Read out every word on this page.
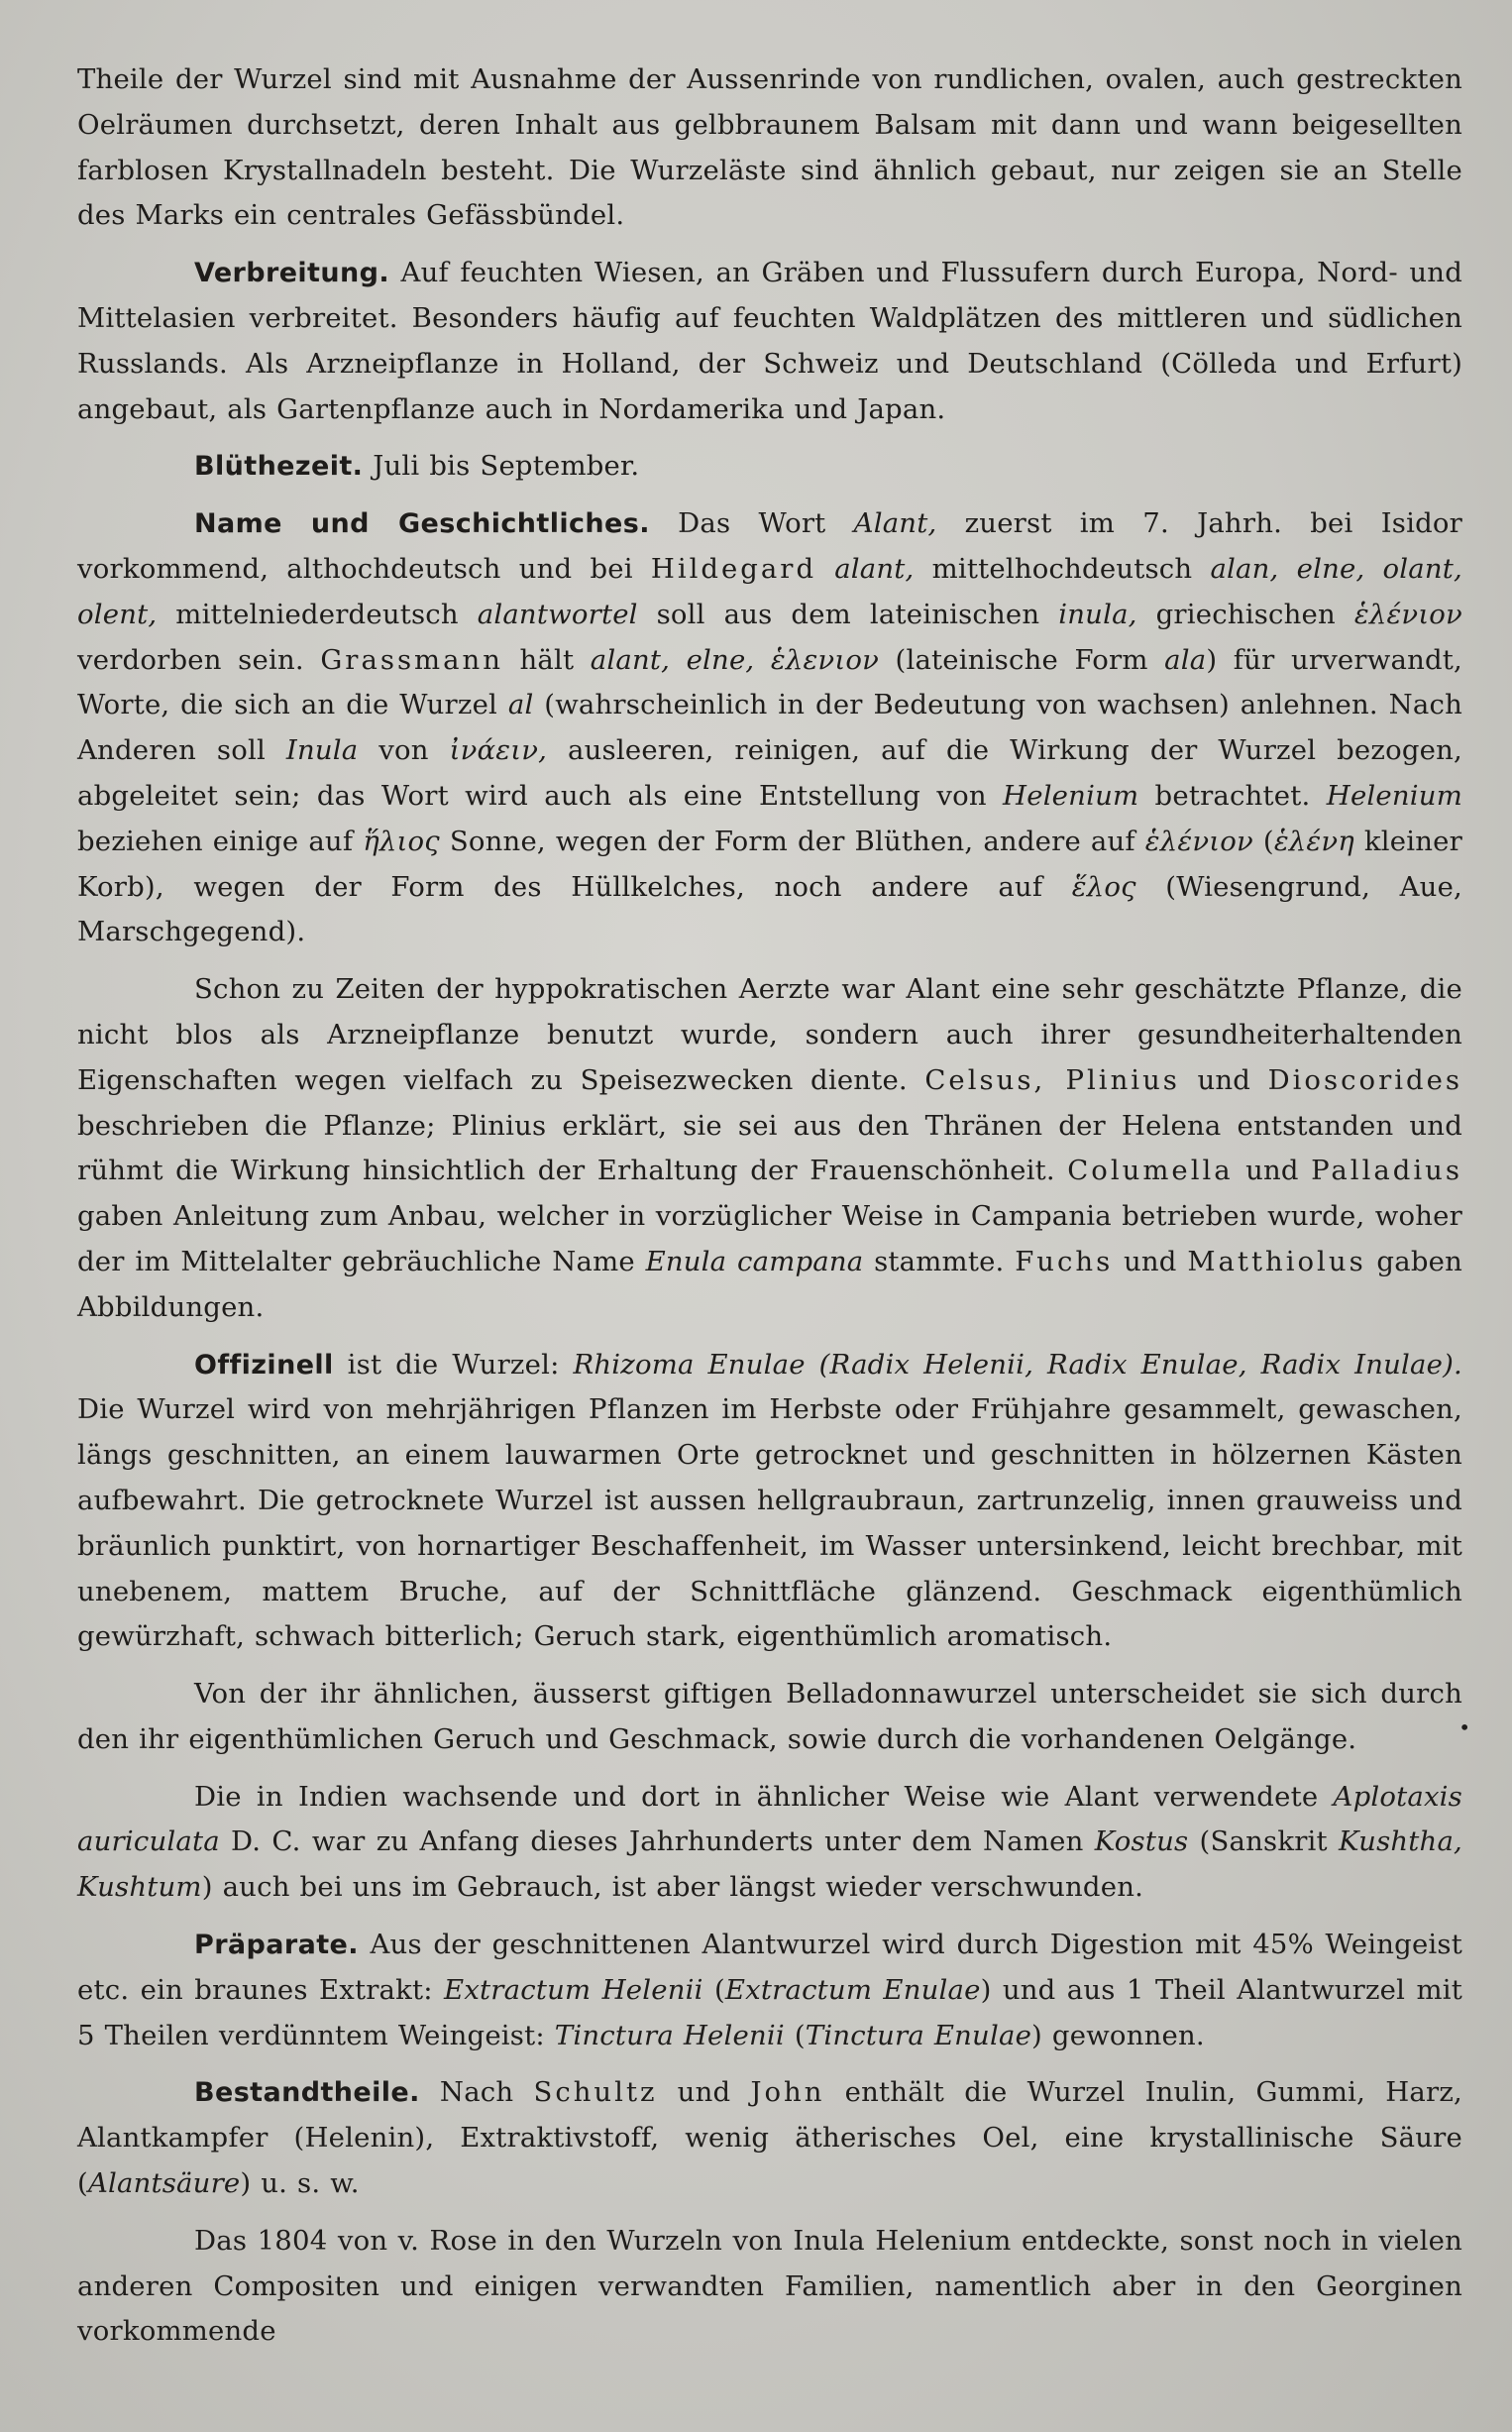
Theile der Wurzel sind mit Ausnahme der Aussenrinde von rundlichen, ovalen, auch gestreckten Oelräumen durchsetzt, deren Inhalt aus gelbbraunem Balsam mit dann und wann beigesellten farblosen Krystallnadeln besteht. Die Wurzeläste sind ähnlich gebaut, nur zeigen sie an Stelle des Marks ein centrales Gefässbündel.

Verbreitung. Auf feuchten Wiesen, an Gräben und Flussufern durch Europa, Nord- und Mittelasien verbreitet. Besonders häufig auf feuchten Waldplätzen des mittleren und südlichen Russlands. Als Arzneipflanze in Holland, der Schweiz und Deutschland (Cölleda und Erfurt) angebaut, als Gartenpflanze auch in Nordamerika und Japan.

Blüthezeit. Juli bis September.

Name und Geschichtliches. Das Wort Alant, zuerst im 7. Jahrh. bei Isidor vorkommend, althochdeutsch und bei Hildegard alant, mittelhochdeutsch alan, elne, olant, olent, mittelniederdeutsch alantwortel soll aus dem lateinischen inula, griechischen ἑλένιον verdorben sein. Grassmann hält alant, elne, ἑλενιον (lateinische Form ala) für urverwandt, Worte, die sich an die Wurzel al (wahrscheinlich in der Bedeutung von wachsen) anlehnen. Nach Anderen soll Inula von ἰνάειν, ausleeren, reinigen, auf die Wirkung der Wurzel bezogen, abgeleitet sein; das Wort wird auch als eine Entstellung von Helenium betrachtet. Helenium beziehen einige auf ἥλιος Sonne, wegen der Form der Blüthen, andere auf ἑλένιον (ἑλένη kleiner Korb), wegen der Form des Hüllkelches, noch andere auf ἕλος (Wiesengrund, Aue, Marschgegend).

Schon zu Zeiten der hyppokratischen Aerzte war Alant eine sehr geschätzte Pflanze, die nicht blos als Arzneipflanze benutzt wurde, sondern auch ihrer gesundheiterhaltenden Eigenschaften wegen vielfach zu Speisezwecken diente. Celsus, Plinius und Dioscorides beschrieben die Pflanze; Plinius erklärt, sie sei aus den Thränen der Helena entstanden und rühmt die Wirkung hinsichtlich der Erhaltung der Frauenschönheit. Columella und Palladius gaben Anleitung zum Anbau, welcher in vorzüglicher Weise in Campania betrieben wurde, woher der im Mittelalter gebräuchliche Name Enula campana stammte. Fuchs und Matthiolus gaben Abbildungen.

Offizinell ist die Wurzel: Rhizoma Enulae (Radix Helenii, Radix Enulae, Radix Inulae). Die Wurzel wird von mehrjährigen Pflanzen im Herbste oder Frühjahre gesammelt, gewaschen, längs geschnitten, an einem lauwarmen Orte getrocknet und geschnitten in hölzernen Kästen aufbewahrt. Die getrocknete Wurzel ist aussen hellgraubraun, zartrunzelig, innen grauweiss und bräunlich punktirt, von hornartiger Beschaffenheit, im Wasser untersinkend, leicht brechbar, mit unebenem, mattem Bruche, auf der Schnittfläche glänzend. Geschmack eigenthümlich gewürzhaft, schwach bitterlich; Geruch stark, eigenthümlich aromatisch.

Von der ihr ähnlichen, äusserst giftigen Belladonnawurzel unterscheidet sie sich durch den ihr eigenthümlichen Geruch und Geschmack, sowie durch die vorhandenen Oelgänge.

Die in Indien wachsende und dort in ähnlicher Weise wie Alant verwendete Aplotaxis auriculata D. C. war zu Anfang dieses Jahrhunderts unter dem Namen Kostus (Sanskrit Kushtha, Kushtum) auch bei uns im Gebrauch, ist aber längst wieder verschwunden.

Präparate. Aus der geschnittenen Alantwurzel wird durch Digestion mit 45% Weingeist etc. ein braunes Extrakt: Extractum Helenii (Extractum Enulae) und aus 1 Theil Alantwurzel mit 5 Theilen verdünntem Weingeist: Tinctura Helenii (Tinctura Enulae) gewonnen.

Bestandtheile. Nach Schultz und John enthält die Wurzel Inulin, Gummi, Harz, Alantkampfer (Helenin), Extraktivstoff, wenig ätherisches Oel, eine krystallinische Säure (Alantsäure) u. s. w.

Das 1804 von v. Rose in den Wurzeln von Inula Helenium entdeckte, sonst noch in vielen anderen Compositen und einigen verwandten Familien, namentlich aber in den Georginen vorkommende

•
